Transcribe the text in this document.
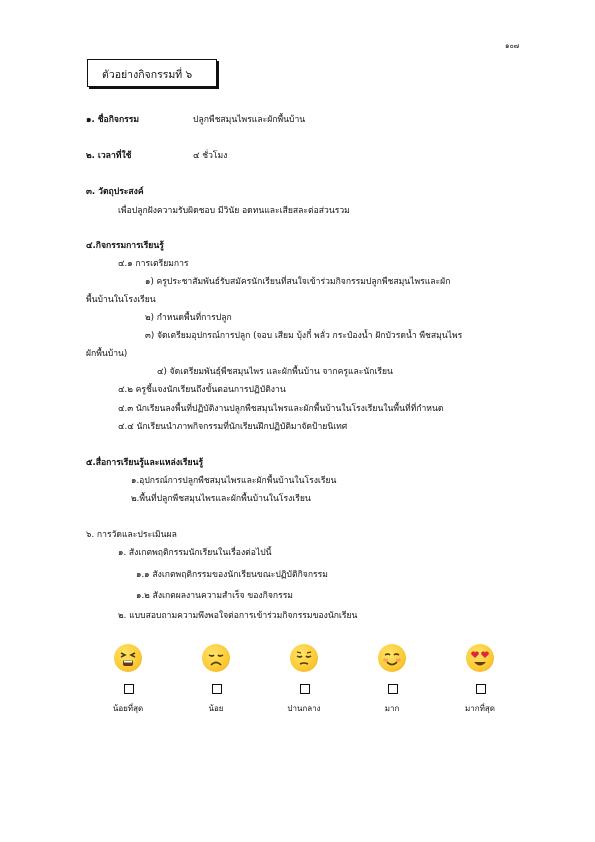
๑๐๗
ตัวอย่างกิจกรรมที่ ๖
๑. ชื่อกิจกรรม	ปลูกพืชสมุนไพรและผักพื้นบ้าน
๒. เวลาที่ใช้	๔ ชั่วโมง
๓. วัตถุประสงค์
เพื่อปลูกฝังความรับผิดชอบ มีวินัย อดทนและเสียสละต่อส่วนรวม
๔.กิจกรรมการเรียนรู้
๔.๑ การเตรียมการ
๑) ครูประชาสัมพันธ์รับสมัครนักเรียนที่สนใจเข้าร่วมกิจกรรมปลูกพืชสมุนไพรและผัก
พื้นบ้านในโรงเรียน
๒) กำหนดพื้นที่การปลูก
๓) จัดเตรียมอุปกรณ์การปลูก (จอบ เสียม บุ้งกี๋ พลั่ว กระป๋องน้ำ ฝักบัวรดน้ำ พืชสมุนไพร
ผักพื้นบ้าน)
๔) จัดเตรียมพันธุ์พืชสมุนไพร และผักพื้นบ้าน จากครูและนักเรียน
๔.๒ ครูชี้แจงนักเรียนถึงขั้นตอนการปฏิบัติงาน
๔.๓ นักเรียนลงพื้นที่ปฏิบัติงานปลูกพืชสมุนไพรและผักพื้นบ้านในโรงเรียนในพื้นที่ที่กำหนด
๔.๔ นักเรียนนำภาพกิจกรรมที่นักเรียนฝึกปฏิบัติมาจัดป้ายนิเทศ
๕.สื่อการเรียนรู้และแหล่งเรียนรู้
๑.อุปกรณ์การปลูกพืชสมุนไพรและผักพื้นบ้านในโรงเรียน
๒.พื้นที่ปลูกพืชสมุนไพรและผักพื้นบ้านในโรงเรียน
๖. การวัดและประเมินผล
๑. สังเกตพฤติกรรมนักเรียนในเรื่องต่อไปนี้
๑.๑ สังเกตพฤติกรรมของนักเรียนขณะปฏิบัติกิจกรรม
๑.๒ สังเกตผลงานความสำเร็จ ของกิจกรรม
๒. แบบสอบถามความพึงพอใจต่อการเข้าร่วมกิจกรรมของนักเรียน
น้อยที่สุด	น้อย	ปานกลาง	มาก	มากที่สุด
